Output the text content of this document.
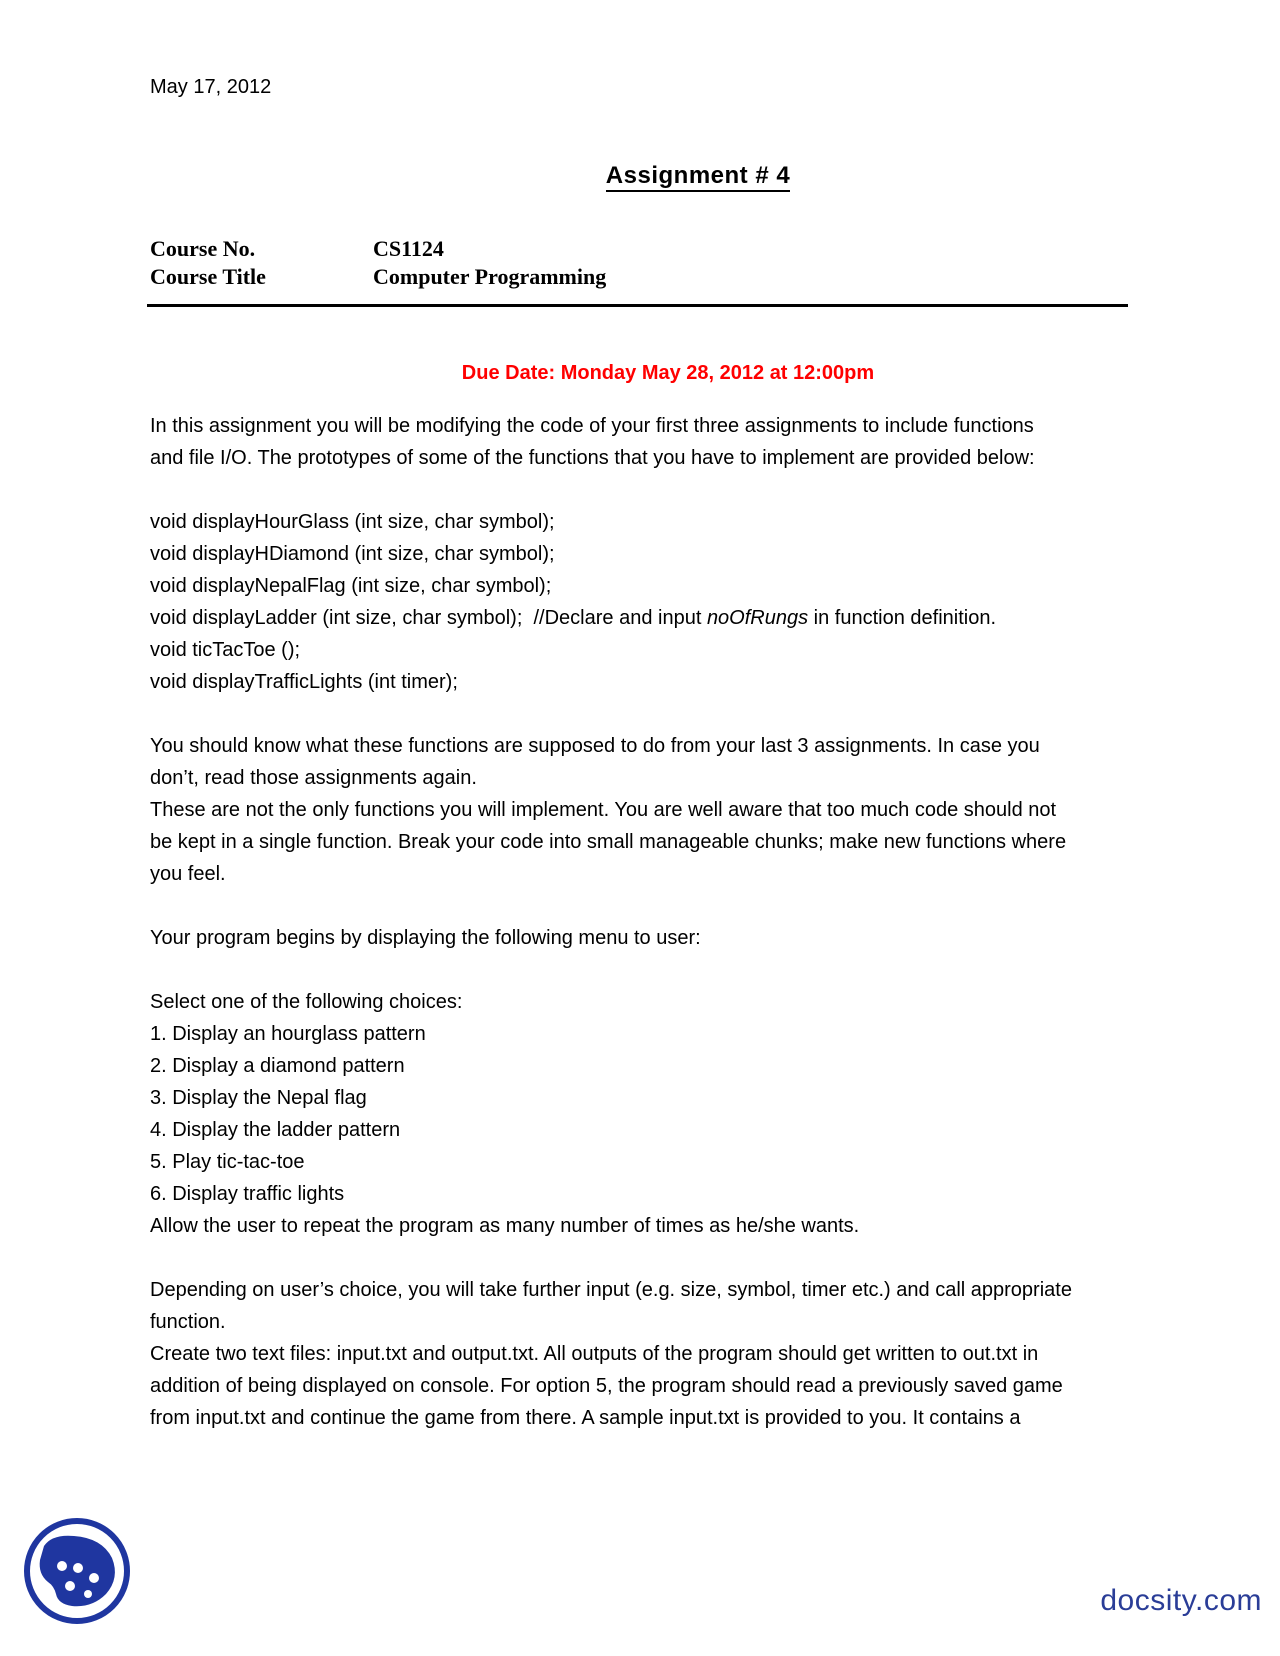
May 17, 2012
Assignment # 4
Course No.	CS1124
Course Title	Computer Programming
Due Date: Monday May 28, 2012 at 12:00pm
In this assignment you will be modifying the code of your first three assignments to include functions
and file I/O. The prototypes of some of the functions that you have to implement are provided below:
void displayHourGlass (int size, char symbol);
void displayHDiamond (int size, char symbol);
void displayNepalFlag (int size, char symbol);
void displayLadder (int size, char symbol);  //Declare and input noOfRungs in function definition.
void ticTacToe ();
void displayTrafficLights (int timer);
You should know what these functions are supposed to do from your last 3 assignments. In case you
don’t, read those assignments again.
These are not the only functions you will implement. You are well aware that too much code should not
be kept in a single function. Break your code into small manageable chunks; make new functions where
you feel.
Your program begins by displaying the following menu to user:
Select one of the following choices:
1. Display an hourglass pattern
2. Display a diamond pattern
3. Display the Nepal flag
4. Display the ladder pattern
5. Play tic-tac-toe
6. Display traffic lights
Allow the user to repeat the program as many number of times as he/she wants.
Depending on user’s choice, you will take further input (e.g. size, symbol, timer etc.) and call appropriate
function.
Create two text files: input.txt and output.txt. All outputs of the program should get written to out.txt in
addition of being displayed on console. For option 5, the program should read a previously saved game
from input.txt and continue the game from there. A sample input.txt is provided to you. It contains a
docsity.com
